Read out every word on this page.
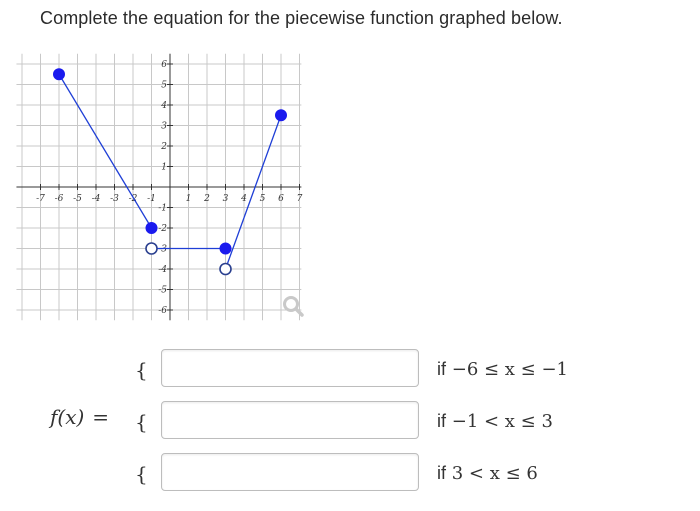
Complete the equation for the piecewise function graphed below.
-7 -6 -5 -4 -3 -2 -1	1 2 3 4 5 6 7
6
5
4
3
2
1
-1
-2
-3
-4
-5
-6
f(x) =
{	if −6 ≤ x ≤ −1
{	if −1 < x ≤ 3
{	if 3 < x ≤ 6
